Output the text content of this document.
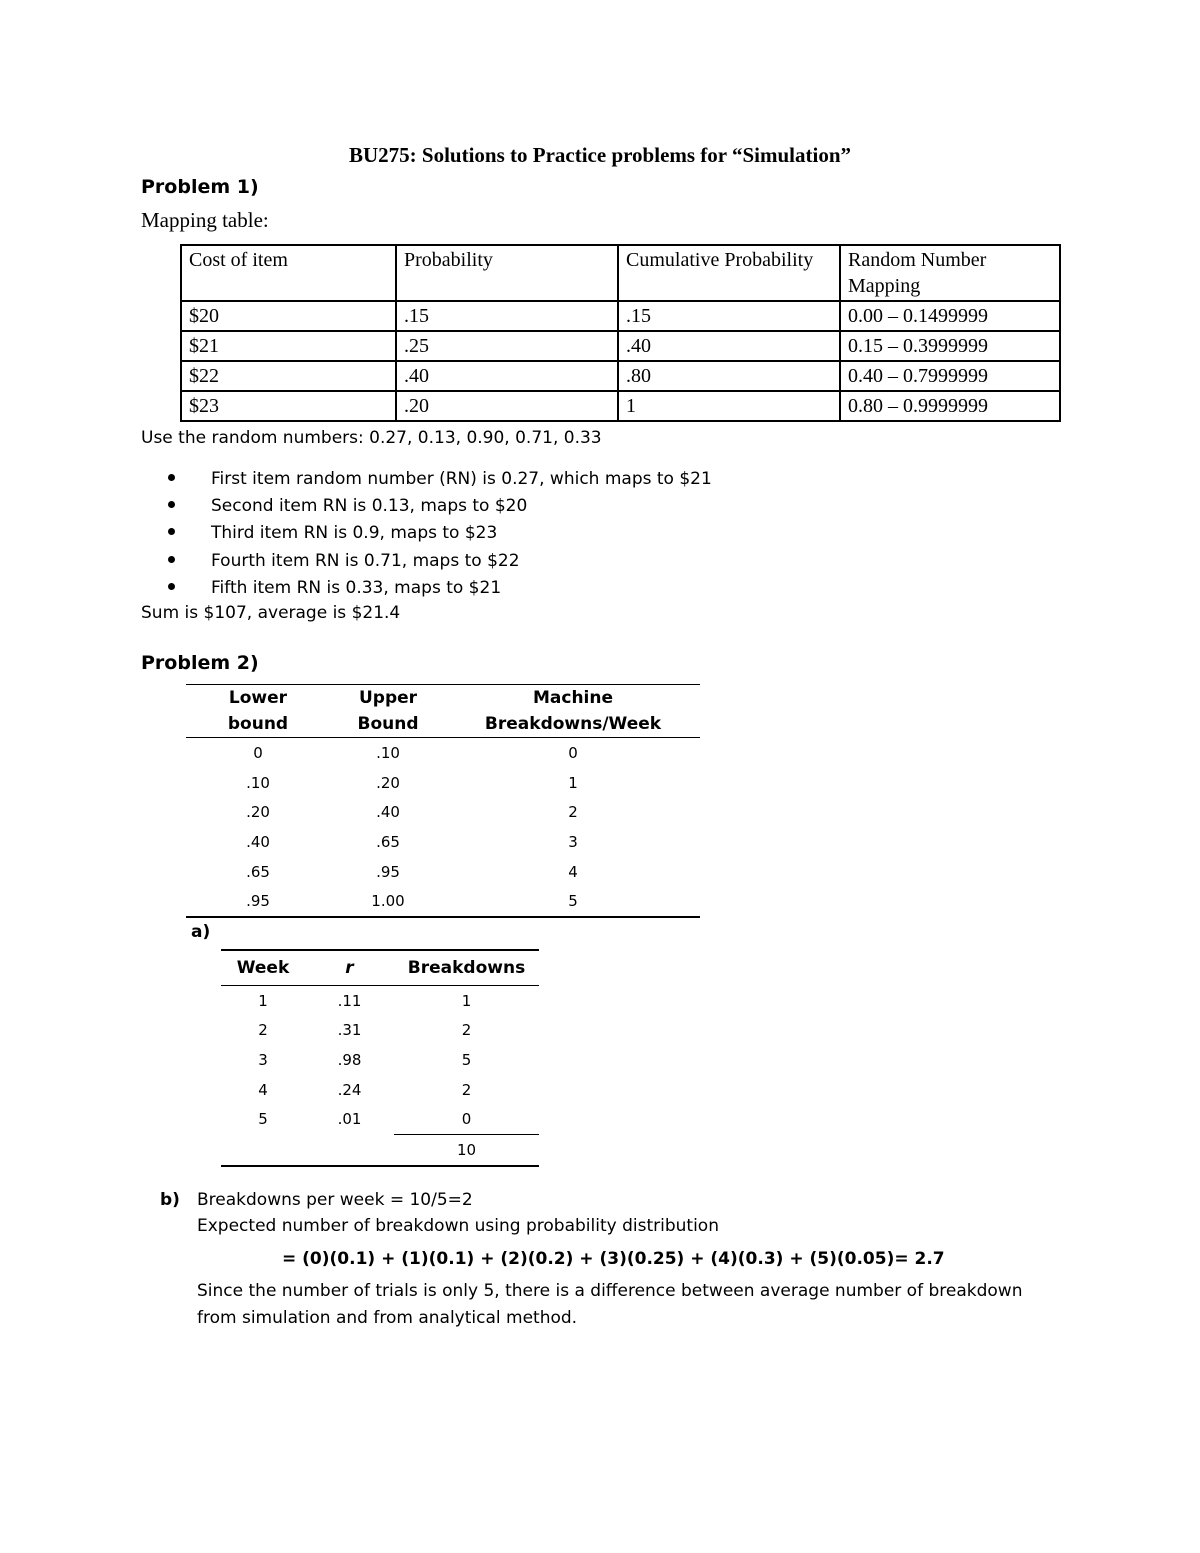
BU275: Solutions to Practice problems for “Simulation”
Problem 1)
Mapping table:
Cost of item	Probability	Cumulative Probability	Random Number Mapping
$20	.15	.15	0.00 – 0.1499999
$21	.25	.40	0.15 – 0.3999999
$22	.40	.80	0.40 – 0.7999999
$23	.20	1	0.80 – 0.9999999
Use the random numbers: 0.27, 0.13, 0.90, 0.71, 0.33
First item random number (RN) is 0.27, which maps to $21
Second item RN is 0.13, maps to $20
Third item RN is 0.9, maps to $23
Fourth item RN is 0.71, maps to $22
Fifth item RN is 0.33, maps to $21
Sum is $107, average is $21.4
Problem 2)
Lower	Upper	Machine
bound	Bound	Breakdowns/Week
0	.10	0
.10	.20	1
.20	.40	2
.40	.65	3
.65	.95	4
.95	1.00	5
a)
Week	r	Breakdowns
1	.11	1
2	.31	2
3	.98	5
4	.24	2
5	.01	0
		10
b) Breakdowns per week = 10/5=2
Expected number of breakdown using probability distribution
= (0)(0.1) + (1)(0.1) + (2)(0.2) + (3)(0.25) + (4)(0.3) + (5)(0.05)= 2.7
Since the number of trials is only 5, there is a difference between average number of breakdown
from simulation and from analytical method.
